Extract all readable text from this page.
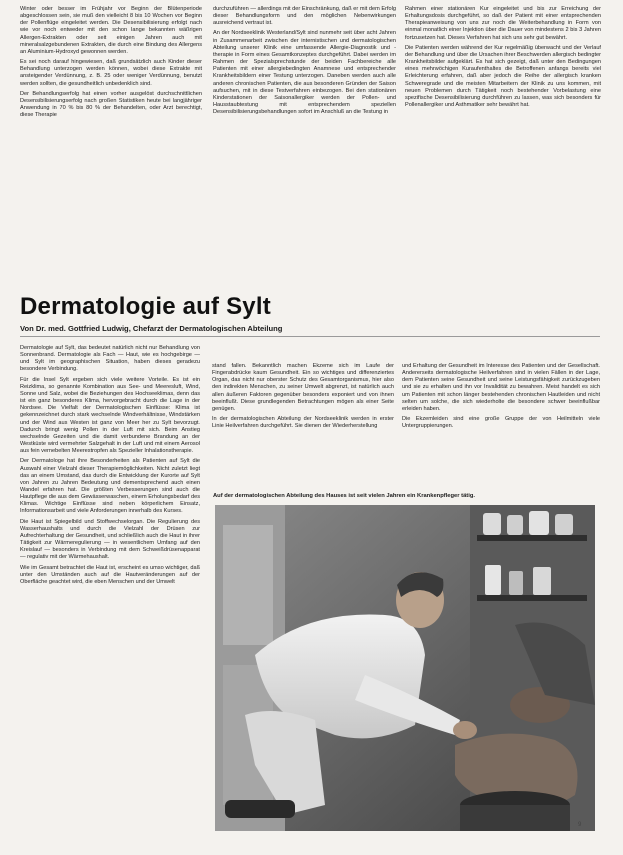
Winter oder besser im Frühjahr vor Beginn der Blütenperiode abgeschlossen sein, sie muß den vielleicht 8 bis 10 Wochen vor Beginn der Pollenflüge eingeleitet werden. Die Desensibilisierung erfolgt nach wie vor noch entweder mit den schon lange bekannten wäßrigen Allergen-Extrakten oder seit einigen Jahren auch mit mineralsalzgebundenen Extrakten, die durch eine Bindung des Allergens an Aluminium-Hydroxyd gewonnen werden.

Es sei noch darauf hingewiesen, daß grundsätzlich auch Kinder dieser Behandlung unterzogen werden können, wobei diese Extrakte mit ansteigender Verdünnung, z. B. 25 oder weniger Verdünnung, benutzt werden sollten, die gesundheitlich unbedenklich sind.

Der Behandlungserfolg hat einen vorher ausgelöst durchschnittlichen Desensibilisierungserfolg nach großen Statistiken heute bei langjähriger Anwendung in 70 % bis 80 % der Behandelten, oder Arzt berechtigt, diese Therapie

durchzuführen — allerdings mit der Einschränkung, daß er mit dem Erfolg dieser Behandlungsform und den möglichen Nebenwirkungen ausreichend vertraut ist.

An der Nordseeklinik Westerland/Sylt sind nunmehr seit über acht Jahren in Zusammenarbeit zwischen der internistischen und dermatologischen Abteilung unserer Klinik eine umfassende Allergie-Diagnostik und -therapie in Form eines Gesamtkonzeptes durchgeführt. Dabei werden im Rahmen der Spezialsprechstunde der beiden Fachbereiche alle Patienten mit einer allergiebedingten Anamnese und entsprechender Krankheitsbildern einer Testung unterzogen. Daneben werden auch alle anderen chronischen Patienten, die aus besonderen Gründen der Saison aufsuchen, mit in diese Testverfahren einbezogen. Bei den stationären Kinderstationen der Saisonallergiker werden der Pollen- und Hausstaubtestung mit entsprechendem speziellen Desensibilisierungsbehandlungen sofort im Anschluß an die Testung in

Rahmen einer stationären Kur eingeleitet und bis zur Erreichung der Erhaltungsdosis durchgeführt, so daß der Patient mit einer entsprechenden Therapieanweisung von uns zur noch die Weiterbehandlung in Form von einmal monatlich einer Injektion über die Dauer von mindestens 2 bis 3 Jahren fortzusetzen hat. Dieses Verfahren hat sich uns sehr gut bewährt.

Die Patienten werden während der Kur regelmäßig überwacht und der Verlauf der Behandlung und über die Ursachen ihrer Beschwerden allergisch bedingter Krankheitsbilder aufgeklärt. Es hat sich gezeigt, daß unter den Bedingungen eines mehrwöchigen Kuraufenthaltes die Betroffenen anfangs bereits viel Erleichterung erfahren, daß aber jedoch die Reihe der allergisch kranken Schweregrade und die meisten Mitarbeitern der Klinik zu uns kommen, mit neuen Problemen durch Tätigkeit noch bestehender Vorbelastung eine spezifische Desensibilisierung durchführen zu lassen, was sich besonders für Pollenallergiker und Asthmatiker sehr bewährt hat.

Dermatologie auf Sylt
Von Dr. med. Gottfried Ludwig, Chefarzt der Dermatologischen Abteilung

Dermatologie auf Sylt, das bedeutet natürlich nicht nur Behandlung von Sonnenbrand. Dermatologie als Fach — Haut, wie es hochgebirge — und Sylt im geographischen Situation, haben dieses geradezu besondere Verbindung.

Für die Insel Sylt ergeben sich viele weitere Vorteile. Es ist ein Reizklima, so genannte Kombination aus See- und Meeresluft, Wind, Sonne und Salz, wobei die Beziehungen des Hochseeklimas, denn das ist ein ganz besonderes Klima, hervorgebracht durch die Lage in der Nordsee. Die Vielfalt der Dermatologischen Einflüsse: Klima ist gekennzeichnet durch stark wechselnde Windverhältnisse, Windstärken und der Wind aus Westen ist ganz von Meer her zu Sylt bevorzugt. Dadurch bringt wenig Pollen in der Luft mit sich. Beim Anstieg wechselnde Gezeiten und die damit verbundene Brandung an der Westküste wird vermehrter Salzgehalt in der Luft und mit einem Aerosol aus fein vernebelten Meerestropfen als Spezieller Inhalationstherapie.

Der Dermatologe hat ihre Besonderheiten als Patienten auf Sylt die Auswahl einer Vielzahl dieser Therapiemöglichkeiten. Nicht zuletzt liegt das an einem Umstand, das durch die Entwicklung der Kurorte auf Sylt von Jahren zu Jahren Bedeutung und dementsprechend auch einen Wandel erfahren hat. Die größten Verbesserungen sind auch die Hautpflege die aus dem Gewässerwaschen, einem Erholungsbedarf des Klimas. Wichtige Einflüsse sind neben körperlichem Einsatz, Informationsarbeit und viele Anforderungen innerhalb des Kurses.

Die Haut ist Spiegelbild und Stoffwechselorgan. Die Regulierung des Wasserhaushalts und durch die Vielzahl der Drüsen zur Aufrechterhaltung der Gesundheit, und schließlich auch die Haut in ihrer Tätigkeit zur Wärmeregulierung — in wesentlichem Umfang auf den Kreislauf — besonders in Verbindung mit dem Schweißdrüsenapparat — regulativ mit der Wärmehaushalt.

Wie im Gesamt betrachtet die Haut ist, erscheint es umso wichtiger, daß unter den Umständen auch auf die Hautveränderungen auf der Oberfläche geachtet wird, die eben Menschen und der Umwelt

stand fallen. Bekanntlich machen Ekzeme sich im Laufe der Fingerabdrücke kaum Gesundheit. Ein so wichtiges und differenziertes Organ, das nicht nur oberster Schutz des Gesamtorganismus, hier also den indirekten Menschen, zu seiner Umwelt abgrenzt, ist natürlich auch allen äußeren Faktoren gegenüber besonders exponiert und von ihnen beeinflußt. Diese grundlegenden Betrachtungen mögen als einer Seite genügen.

In der dermatologischen Abteilung der Nordseeklinik werden in erster Linie Heilverfahren durchgeführt. Sie dienen der Wiederherstellung

und Erhaltung der Gesundheit im Interesse des Patienten und der Gesellschaft. Andererseits dermatologische Heilverfahren sind in vielen Fällen in der Lage, dem Patienten seine Gesundheit und seine Leistungsfähigkeit zurückzugeben und sie zu erhalten und ihn vor Invalidität zu bewahren. Meist handelt es sich um Patienten mit schon länger bestehenden chronischen Hautleiden und nicht selten um solche, die sich wiederholte die besondere schwer beeinflußbar erleiden haben.

Die Ekzemleiden sind eine große Gruppe der von Heilmitteln viele Untergruppierungen.

Auf der dermatologischen Abteilung des Hauses ist seit vielen Jahren ein Krankenpfleger tätig.
9
